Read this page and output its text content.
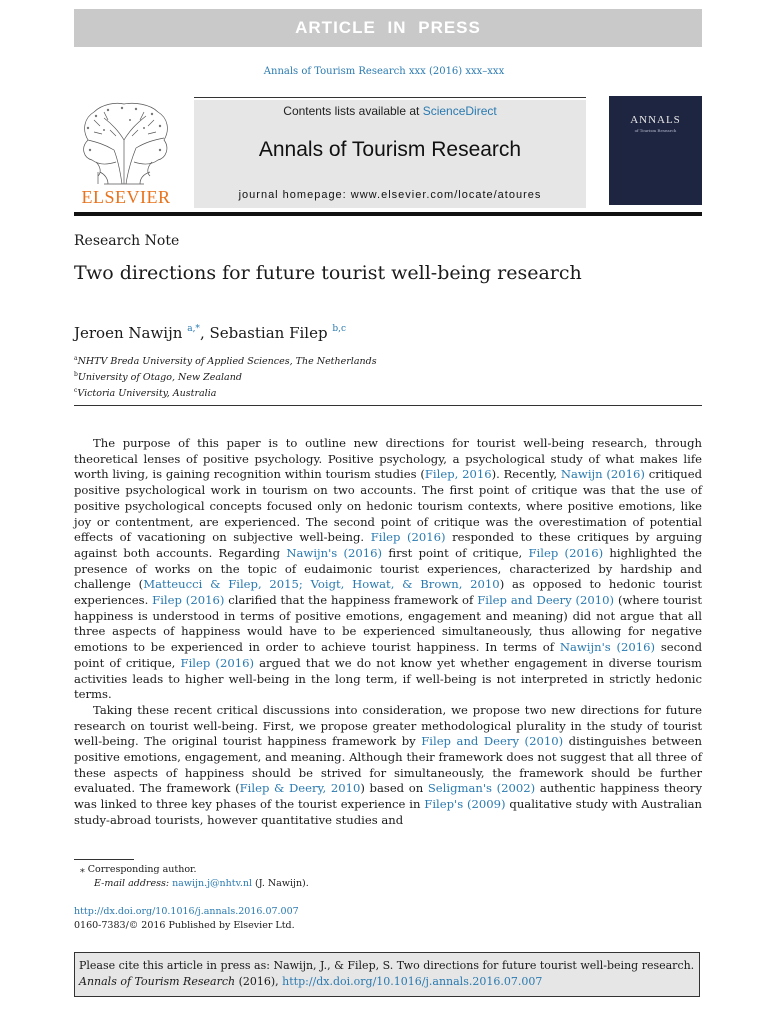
ARTICLE IN PRESS
Annals of Tourism Research xxx (2016) xxx–xxx
ELSEVIER
Contents lists available at ScienceDirect
Annals of Tourism Research
journal homepage: www.elsevier.com/locate/atoures
ANNALS
of Tourism Research
Research Note
Two directions for future tourist well-being research
Jeroen Nawijn $^{a,*}$, Sebastian Filep $^{b,c}$
$^a$NHTV Breda University of Applied Sciences, The Netherlands
$^b$University of Otago, New Zealand
$^c$Victoria University, Australia

The purpose of this paper is to outline new directions for tourist well-being research, through theoretical lenses of positive psychology. Positive psychology, a psychological study of what makes life worth living, is gaining recognition within tourism studies (Filep, 2016). Recently, Nawijn (2016) critiqued positive psychological work in tourism on two accounts. The first point of critique was that the use of positive psychological concepts focused only on hedonic tourism contexts, where positive emotions, like joy or contentment, are experienced. The second point of critique was the overestimation of potential effects of vacationing on subjective well-being. Filep (2016) responded to these critiques by arguing against both accounts. Regarding Nawijn's (2016) first point of critique, Filep (2016) highlighted the presence of works on the topic of eudaimonic tourist experiences, characterized by hardship and challenge (Matteucci & Filep, 2015; Voigt, Howat, & Brown, 2010) as opposed to hedonic tourist experiences. Filep (2016) clarified that the happiness framework of Filep and Deery (2010) (where tourist happiness is understood in terms of positive emotions, engagement and meaning) did not argue that all three aspects of happiness would have to be experienced simultaneously, thus allowing for negative emotions to be experienced in order to achieve tourist happiness. In terms of Nawijn's (2016) second point of critique, Filep (2016) argued that we do not know yet whether engagement in diverse tourism activities leads to higher well-being in the long term, if well-being is not interpreted in strictly hedonic terms.

Taking these recent critical discussions into consideration, we propose two new directions for future research on tourist well-being. First, we propose greater methodological plurality in the study of tourist well-being. The original tourist happiness framework by Filep and Deery (2010) distinguishes between positive emotions, engagement, and meaning. Although their framework does not suggest that all three of these aspects of happiness should be strived for simultaneously, the framework should be further evaluated. The framework (Filep & Deery, 2010) based on Seligman's (2002) authentic happiness theory was linked to three key phases of the tourist experience in Filep's (2009) qualitative study with Australian study-abroad tourists, however quantitative studies and

⁎ Corresponding author.
E-mail address: nawijn.j@nhtv.nl (J. Nawijn).
http://dx.doi.org/10.1016/j.annals.2016.07.007
0160-7383/© 2016 Published by Elsevier Ltd.
Please cite this article in press as: Nawijn, J., & Filep, S. Two directions for future tourist well-being research.
Annals of Tourism Research (2016), http://dx.doi.org/10.1016/j.annals.2016.07.007
